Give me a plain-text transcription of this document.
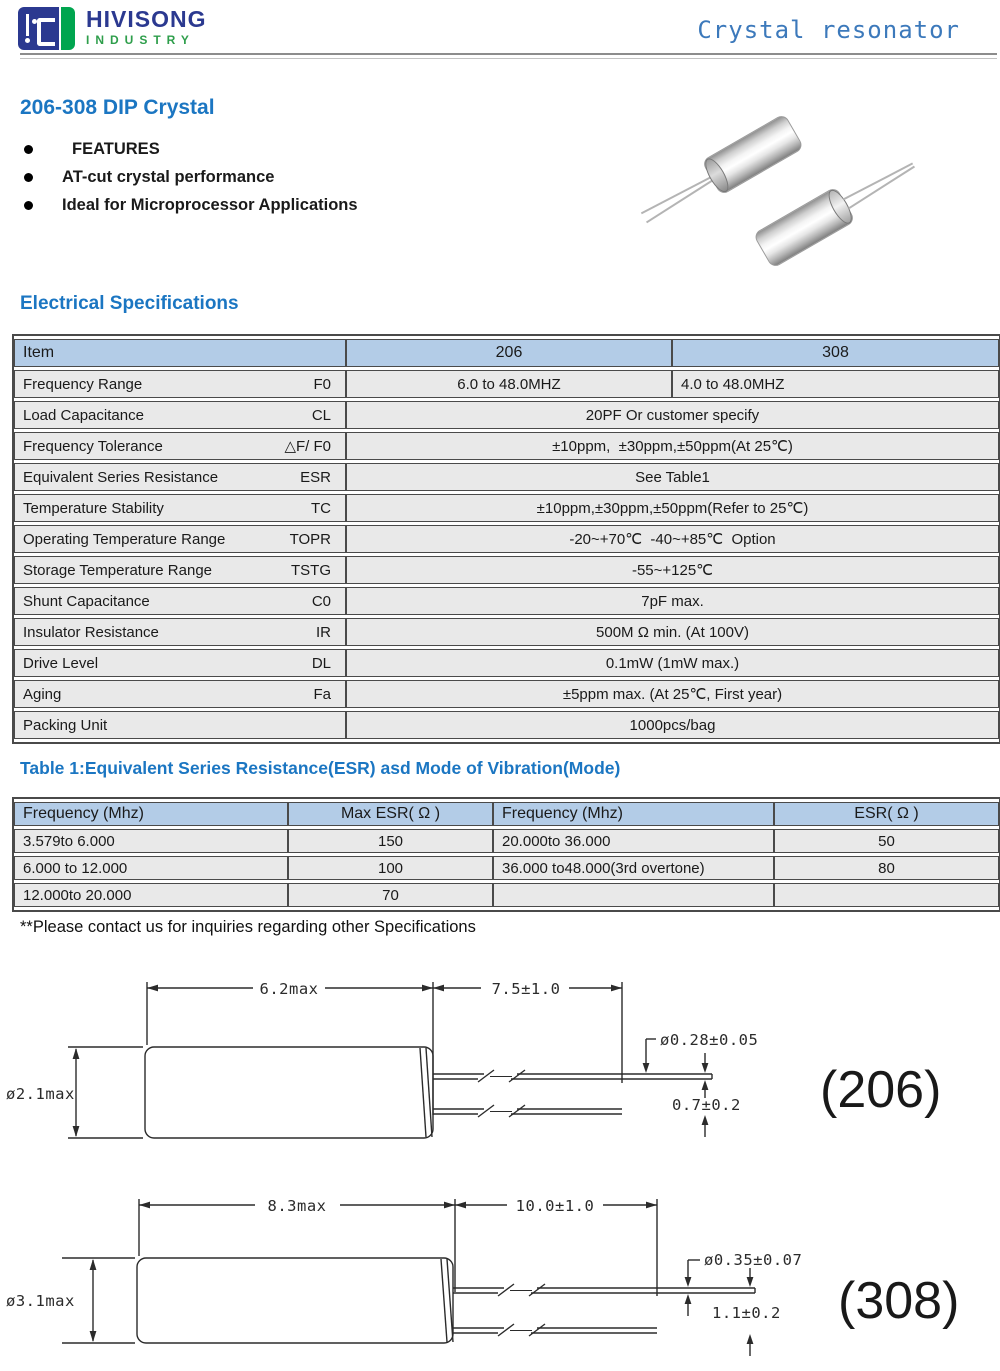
HIVISONG
INDUSTRY	Crystal resonator
206-308 DIP Crystal
FEATURES
AT-cut crystal performance
Ideal for Microprocessor Applications
Electrical Specifications
Item	206	308

Frequency Range F0	6.0 to 48.0MHZ	4.0 to 48.0MHZ

Load Capacitance CL	20PF Or customer specify	

Frequency Tolerance △F/ F0	±10ppm,  ±30ppm,±50ppm(At 25℃)	

Equivalent Series Resistance ESR	See Table1	

Temperature Stability TC	±10ppm,±30ppm,±50ppm(Refer to 25℃)	

Operating Temperature Range TOPR	-20~+70℃  -40~+85℃  Option	

Storage Temperature Range TSTG	-55~+125℃	

Shunt Capacitance C0	7pF max.	

Insulator Resistance IR	500M Ω min. (At 100V)	

Drive Level DL	0.1mW (1mW max.)	

Aging Fa	±5ppm max. (At 25℃, First year)	

Packing Unit	1000pcs/bag	
Table 1:Equivalent Series Resistance(ESR) asd Mode of Vibration(Mode)
Frequency (Mhz)	Max ESR( Ω )	Frequency (Mhz)	ESR( Ω )
3.579to 6.000	150	20.000to 36.000	50
6.000 to 12.000	100	36.000 to48.000(3rd overtone)	80
12.000to 20.000	70		
**Please contact us for inquiries regarding other Specifications
6.2max	7.5±1.0
ø2.1max
ø0.28±0.05
0.7±0.2 (206)
8.3max	10.0±1.0
ø3.1max
ø0.35±0.07
1.1±0.2 (308)
